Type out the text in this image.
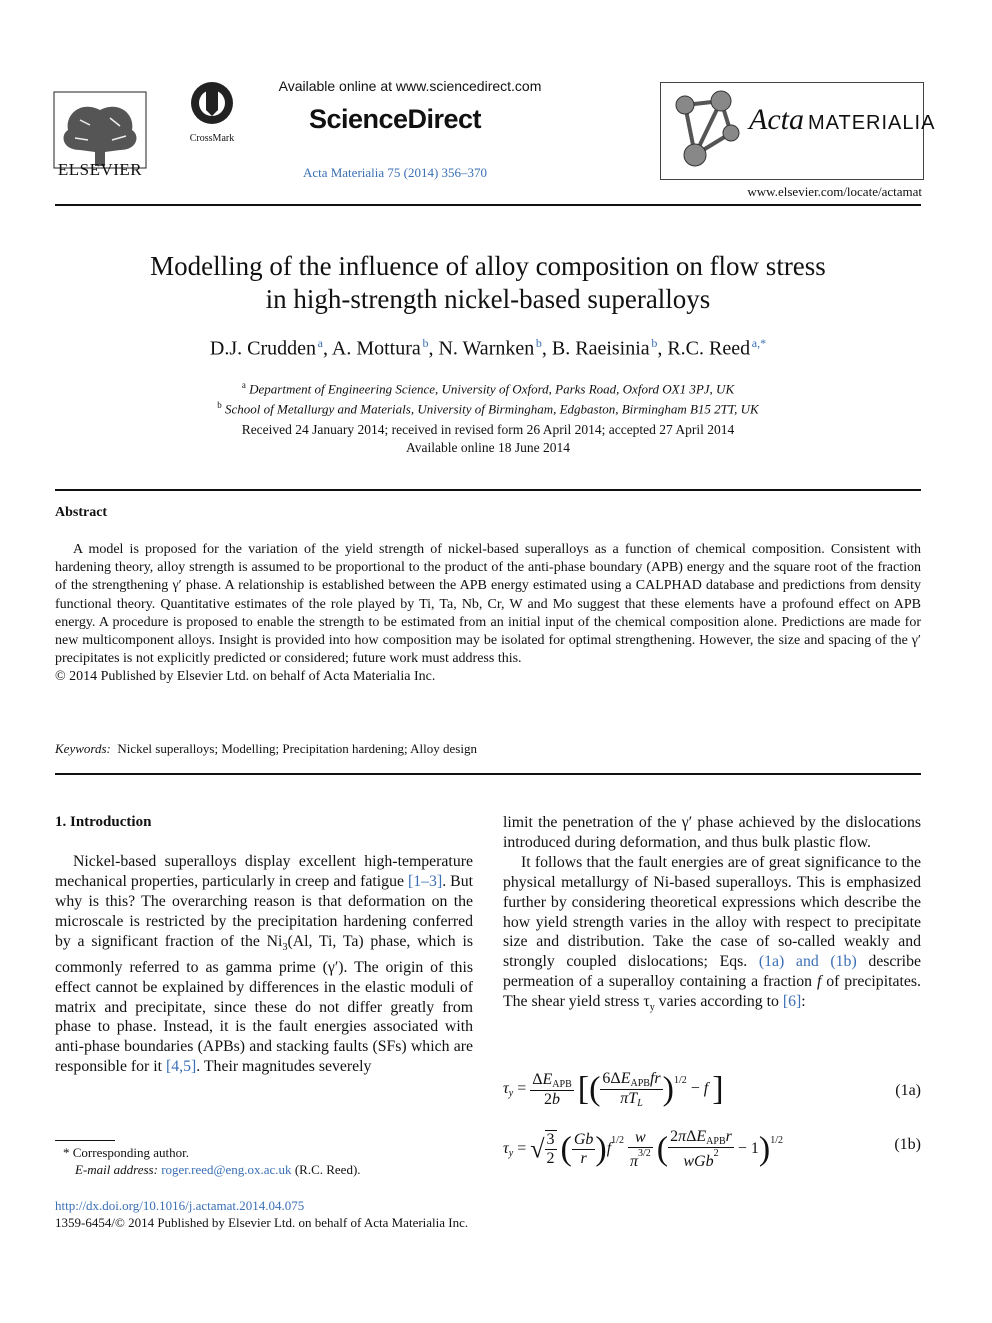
ELSEVIER
CrossMark
Available online at www.sciencedirect.com
ScienceDirect
Acta Materialia 75 (2014) 356–370
Acta MATERIALIA
www.elsevier.com/locate/actamat
Modelling of the influence of alloy composition on flow stress
in high-strength nickel-based superalloys
D.J. Crudden  $^a$, A. Mottura  $^b$, N. Warnken  $^b$, B. Raeisinia  $^b$, R.C. Reed  $^{a,*}$
$^a$ Department of Engineering Science, University of Oxford, Parks Road, Oxford OX1 3PJ, UK
$^b$ School of Metallurgy and Materials, University of Birmingham, Edgbaston, Birmingham B15 2TT, UK
Received 24 January 2014; received in revised form 26 April 2014; accepted 27 April 2014
Available online 18 June 2014
Abstract

A model is proposed for the variation of the yield strength of nickel-based superalloys as a function of chemical composition. Consistent with hardening theory, alloy strength is assumed to be proportional to the product of the anti-phase boundary (APB) energy and the square root of the fraction of the strengthening γ′ phase. A relationship is established between the APB energy estimated using a CALPHAD database and predictions from density functional theory. Quantitative estimates of the role played by Ti, Ta, Nb, Cr, W and Mo suggest that these elements have a profound effect on APB energy. A procedure is proposed to enable the strength to be estimated from an initial input of the chemical composition alone. Predictions are made for new multicomponent alloys. Insight is provided into how composition may be isolated for optimal strengthening. However, the size and spacing of the γ′ precipitates is not explicitly predicted or considered; future work must address this.

© 2014 Published by Elsevier Ltd. on behalf of Acta Materialia Inc.

Keywords: Nickel superalloys; Modelling; Precipitation hardening; Alloy design
1. Introduction

Nickel-based superalloys display excellent high-temperature mechanical properties, particularly in creep and fatigue [1–3]. But why is this? The overarching reason is that deformation on the microscale is restricted by the precipitation hardening conferred by a significant fraction of the $Ni_3(Al$, Ti, Ta) phase, which is commonly referred to as gamma prime (γ′). The origin of this effect cannot be explained by differences in the elastic moduli of matrix and precipitate, since these do not differ greatly from phase to phase. Instead, it is the fault energies associated with anti-phase boundaries (APBs) and stacking faults (SFs) which are responsible for it [4,5]. Their magnitudes severely

limit the penetration of the γ′ phase achieved by the dislocations introduced during deformation, and thus bulk plastic flow.

It follows that the fault energies are of great significance to the physical metallurgy of Ni-based superalloys. This is emphasized further by considering theoretical expressions which describe the how yield strength varies in the alloy with respect to precipitate size and distribution. Take the case of so-called weakly and strongly coupled dislocations; Eqs. (1a) and (1b) describe permeation of a superalloy containing a fraction f of precipitates. The shear yield stress $\tau_y$ varies according to [6]:

$\tau_y = \frac{\Delta E_{APB}}{2b}$ [( $\frac{6\Delta E_{APB}fr}{\pi T_L} )^{1/2} - f$ ]	(1a)
$\tau_y$ = √ $\frac{3}{2}$ ( $\frac{Gb}{r} )f^{1/2} \frac{w}{\pi^{3/2}}$ ( $\frac{2\pi\Delta E_{APB}r}{wGb^2} - 1)^{1/2}$	(1b)
* Corresponding author.
E-mail address: roger.reed@eng.ox.ac.uk (R.C. Reed).
http://dx.doi.org/10.1016/j.actamat.2014.04.075
1359-6454/© 2014 Published by Elsevier Ltd. on behalf of Acta Materialia Inc.
